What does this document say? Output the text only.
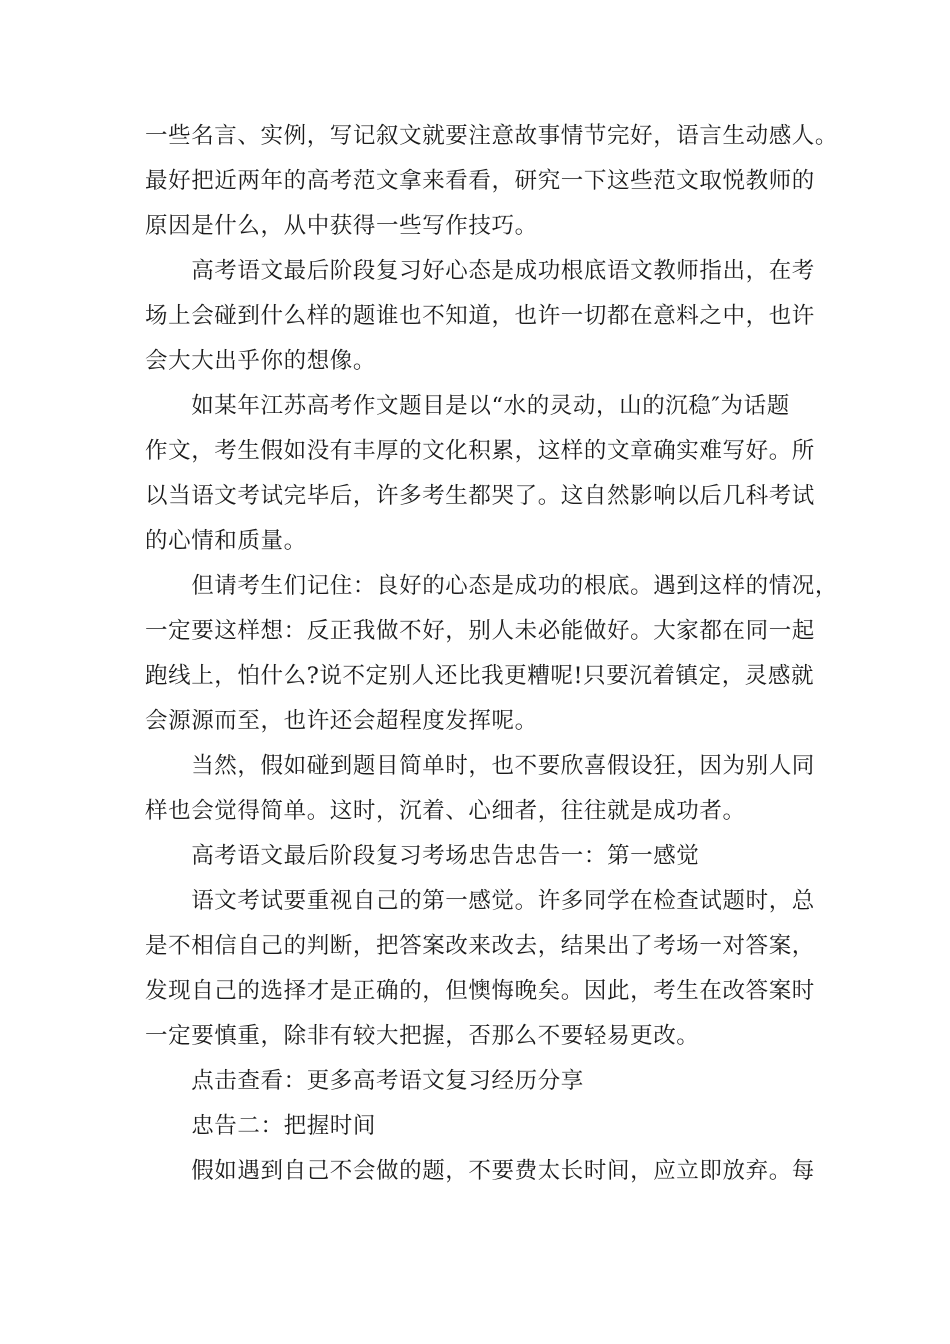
一些名言、实例，写记叙文就要注意故事情节完好，语言生动感人。
最好把近两年的高考范文拿来看看，研究一下这些范文取悦教师的
原因是什么，从中获得一些写作技巧。
　　高考语文最后阶段复习好心态是成功根底语文教师指出，在考
场上会碰到什么样的题谁也不知道，也许一切都在意料之中，也许
会大大出乎你的想像。
　　如某年江苏高考作文题目是以“水的灵动，山的沉稳″为话题
作文，考生假如没有丰厚的文化积累，这样的文章确实难写好。所
以当语文考试完毕后，许多考生都哭了。这自然影响以后几科考试
的心情和质量。
　　但请考生们记住：良好的心态是成功的根底。遇到这样的情况，
一定要这样想：反正我做不好，别人未必能做好。大家都在同一起
跑线上，怕什么?说不定别人还比我更糟呢!只要沉着镇定，灵感就
会源源而至，也许还会超程度发挥呢。
　　当然，假如碰到题目简单时，也不要欣喜假设狂，因为别人同
样也会觉得简单。这时，沉着、心细者，往往就是成功者。
　　高考语文最后阶段复习考场忠告忠告一：第一感觉
　　语文考试要重视自己的第一感觉。许多同学在检查试题时，总
是不相信自己的判断，把答案改来改去，结果出了考场一对答案，
发现自己的选择才是正确的，但懊悔晚矣。因此，考生在改答案时
一定要慎重，除非有较大把握，否那么不要轻易更改。
　　点击查看：更多高考语文复习经历分享
　　忠告二：把握时间
　　假如遇到自己不会做的题，不要费太长时间，应立即放弃。每
